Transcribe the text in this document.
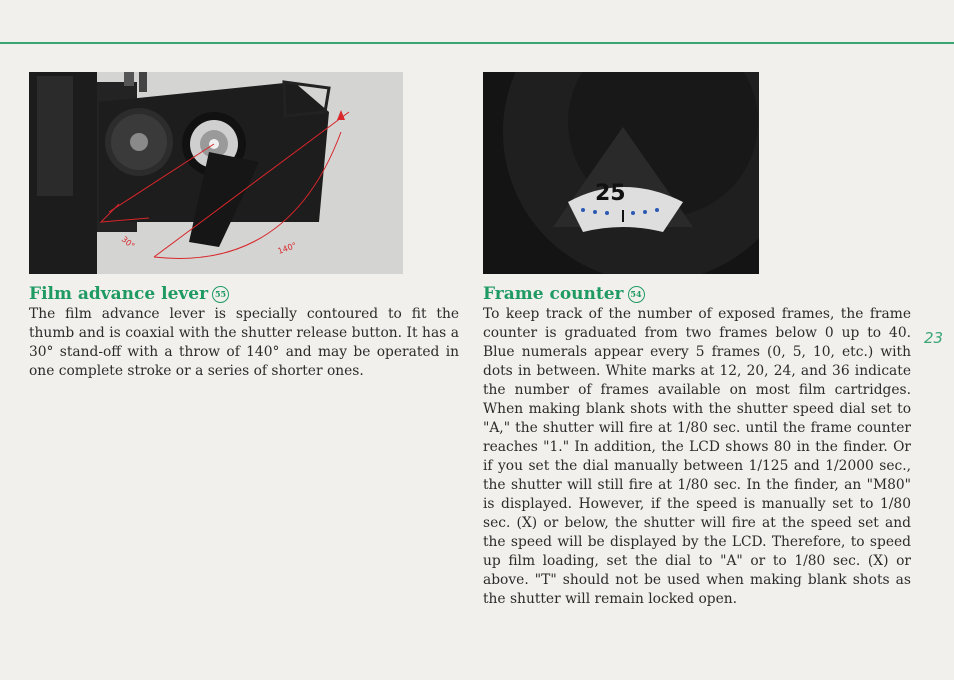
30°	140°
25
Film advance lever 55

The film advance lever is specially contoured to fit the thumb and is coaxial with the shutter release button. It has a 30° stand-off with a throw of 140° and may be operated in one complete stroke or a series of shorter ones.

Frame counter 54

To keep track of the number of exposed frames, the frame counter is graduated from two frames below 0 up to 40. Blue numerals appear every 5 frames (0, 5, 10, etc.) with dots in between. White marks at 12, 20, 24, and 36 indicate the number of frames available on most film cartridges. When making blank shots with the shutter speed dial set to "A," the shutter will fire at 1/80 sec. until the frame counter reaches "1." In addition, the LCD shows 80 in the finder. Or if you set the dial manually between 1/125 and 1/2000 sec., the shutter will still fire at 1/80 sec. In the finder, an "M80" is displayed. However, if the speed is manually set to 1/80 sec. (X) or below, the shutter will fire at the speed set and the speed will be displayed by the LCD. Therefore, to speed up film loading, set the dial to "A" or to 1/80 sec. (X) or above. "T" should not be used when making blank shots as the shutter will remain locked open.

23
